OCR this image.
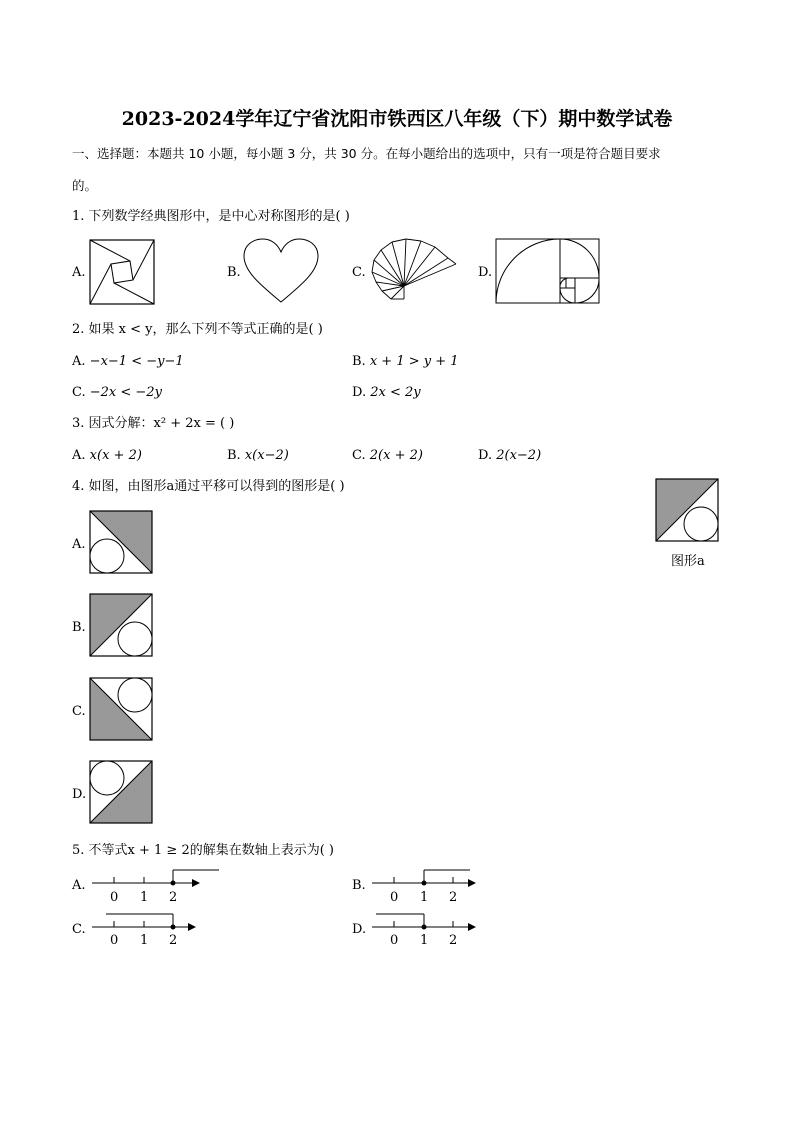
2023-2024学年辽宁省沈阳市铁西区八年级（下）期中数学试卷
一、选择题：本题共 10 小题，每小题 3 分，共 30 分。在每小题给出的选项中，只有一项是符合题目要求
的。
1. 下列数学经典图形中，是中心对称图形的是( )
A.	B.	C.	D.
2. 如果 x < y，那么下列不等式正确的是( )
A. −x−1 < −y−1	B. x + 1 > y + 1
C. −2x < −2y	D. 2x < 2y
3. 因式分解：x² + 2x = ( )
A. x(x + 2)	B. x(x−2)	C. 2(x + 2)	D. 2(x−2)
4. 如图，由图形a通过平移可以得到的图形是( )
图形a
A.
B.
C.
D.
5. 不等式x + 1 ≥ 2的解集在数轴上表示为( )
A.
0 1 2
B.
0 1 2
C.
0 1 2
D.
0 1 2
